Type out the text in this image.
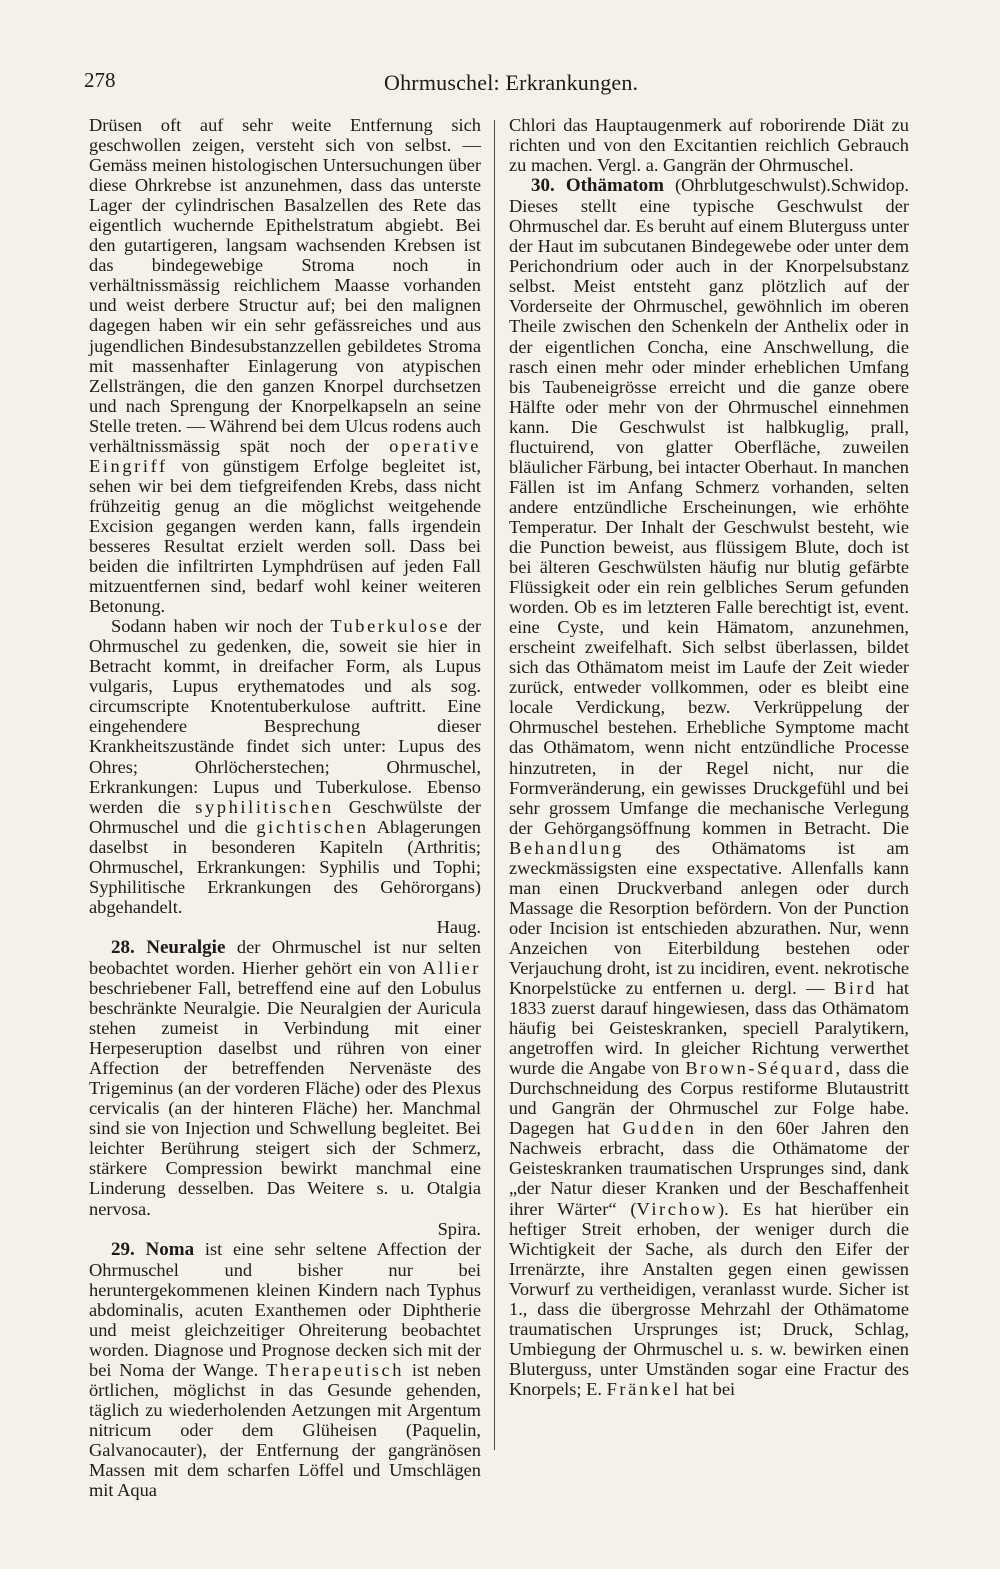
278	Ohrmuschel: Erkrankungen.

Drüsen oft auf sehr weite Entfernung sich geschwollen zeigen, versteht sich von selbst. — Gemäss meinen histologischen Untersuchungen über diese Ohrkrebse ist anzunehmen, dass das unterste Lager der cylindrischen Basalzellen des Rete das eigentlich wuchernde Epithelstratum abgiebt. Bei den gutartigeren, langsam wachsenden Krebsen ist das bindegewebige Stroma noch in verhältnissmässig reichlichem Maasse vorhanden und weist derbere Structur auf; bei den malignen dagegen haben wir ein sehr gefässreiches und aus jugendlichen Bindesubstanzzellen gebildetes Stroma mit massenhafter Einlagerung von atypischen Zellsträngen, die den ganzen Knorpel durchsetzen und nach Sprengung der Knorpelkapseln an seine Stelle treten. — Während bei dem Ulcus rodens auch verhältnissmässig spät noch der operative Eingriff von günstigem Erfolge begleitet ist, sehen wir bei dem tiefgreifenden Krebs, dass nicht frühzeitig genug an die möglichst weitgehende Excision gegangen werden kann, falls irgendein besseres Resultat erzielt werden soll. Dass bei beiden die infiltrirten Lymphdrüsen auf jeden Fall mitzuentfernen sind, bedarf wohl keiner weiteren Betonung.

Sodann haben wir noch der Tuberkulose der Ohrmuschel zu gedenken, die, soweit sie hier in Betracht kommt, in dreifacher Form, als Lupus vulgaris, Lupus erythematodes und als sog. circumscripte Knotentuberkulose auftritt. Eine eingehendere Besprechung dieser Krankheitszustände findet sich unter: Lupus des Ohres; Ohrlöcherstechen; Ohrmuschel, Erkrankungen: Lupus und Tuberkulose. Ebenso werden die syphilitischen Geschwülste der Ohrmuschel und die gichtischen Ablagerungen daselbst in besonderen Kapiteln (Arthritis; Ohrmuschel, Erkrankungen: Syphilis und Tophi; Syphilitische Erkrankungen des Gehörorgans) abgehandelt.

Haug.

28. Neuralgie der Ohrmuschel ist nur selten beobachtet worden. Hierher gehört ein von Allier beschriebener Fall, betreffend eine auf den Lobulus beschränkte Neuralgie. Die Neuralgien der Auricula stehen zumeist in Verbindung mit einer Herpeseruption daselbst und rühren von einer Affection der betreffenden Nervenäste des Trigeminus (an der vorderen Fläche) oder des Plexus cervicalis (an der hinteren Fläche) her. Manchmal sind sie von Injection und Schwellung begleitet. Bei leichter Berührung steigert sich der Schmerz, stärkere Compression bewirkt manchmal eine Linderung desselben. Das Weitere s. u. Otalgia nervosa.

Spira.

29. Noma ist eine sehr seltene Affection der Ohrmuschel und bisher nur bei heruntergekommenen kleinen Kindern nach Typhus abdominalis, acuten Exanthemen oder Diphtherie und meist gleichzeitiger Ohreiterung beobachtet worden. Diagnose und Prognose decken sich mit der bei Noma der Wange. Therapeutisch ist neben örtlichen, möglichst in das Gesunde gehenden, täglich zu wiederholenden Aetzungen mit Argentum nitricum oder dem Glüheisen (Paquelin, Galvanocauter), der Entfernung der gangränösen Massen mit dem scharfen Löffel und Umschlägen mit Aqua

Chlori das Hauptaugenmerk auf roborirende Diät zu richten und von den Excitantien reichlich Gebrauch zu machen. Vergl. a. Gangrän der Ohrmuschel.
Schwidop.

30. Othämatom (Ohrblutgeschwulst). Dieses stellt eine typische Geschwulst der Ohrmuschel dar. Es beruht auf einem Bluterguss unter der Haut im subcutanen Bindegewebe oder unter dem Perichondrium oder auch in der Knorpelsubstanz selbst. Meist entsteht ganz plötzlich auf der Vorderseite der Ohrmuschel, gewöhnlich im oberen Theile zwischen den Schenkeln der Anthelix oder in der eigentlichen Concha, eine Anschwellung, die rasch einen mehr oder minder erheblichen Umfang bis Taubeneigrösse erreicht und die ganze obere Hälfte oder mehr von der Ohrmuschel einnehmen kann. Die Geschwulst ist halbkuglig, prall, fluctuirend, von glatter Oberfläche, zuweilen bläulicher Färbung, bei intacter Oberhaut. In manchen Fällen ist im Anfang Schmerz vorhanden, selten andere entzündliche Erscheinungen, wie erhöhte Temperatur. Der Inhalt der Geschwulst besteht, wie die Punction beweist, aus flüssigem Blute, doch ist bei älteren Geschwülsten häufig nur blutig gefärbte Flüssigkeit oder ein rein gelbliches Serum gefunden worden. Ob es im letzteren Falle berechtigt ist, event. eine Cyste, und kein Hämatom, anzunehmen, erscheint zweifelhaft. Sich selbst überlassen, bildet sich das Othämatom meist im Laufe der Zeit wieder zurück, entweder vollkommen, oder es bleibt eine locale Verdickung, bezw. Verkrüppelung der Ohrmuschel bestehen. Erhebliche Symptome macht das Othämatom, wenn nicht entzündliche Processe hinzutreten, in der Regel nicht, nur die Formveränderung, ein gewisses Druckgefühl und bei sehr grossem Umfange die mechanische Verlegung der Gehörgangsöffnung kommen in Betracht. Die Behandlung des Othämatoms ist am zweckmässigsten eine exspectative. Allenfalls kann man einen Druckverband anlegen oder durch Massage die Resorption befördern. Von der Punction oder Incision ist entschieden abzurathen. Nur, wenn Anzeichen von Eiterbildung bestehen oder Verjauchung droht, ist zu incidiren, event. nekrotische Knorpelstücke zu entfernen u. dergl. — Bird hat 1833 zuerst darauf hingewiesen, dass das Othämatom häufig bei Geisteskranken, speciell Paralytikern, angetroffen wird. In gleicher Richtung verwerthet wurde die Angabe von Brown-Séquard, dass die Durchschneidung des Corpus restiforme Blutaustritt und Gangrän der Ohrmuschel zur Folge habe. Dagegen hat Gudden in den 60er Jahren den Nachweis erbracht, dass die Othämatome der Geisteskranken traumatischen Ursprunges sind, dank „der Natur dieser Kranken und der Beschaffenheit ihrer Wärter“ (Virchow). Es hat hierüber ein heftiger Streit erhoben, der weniger durch die Wichtigkeit der Sache, als durch den Eifer der Irrenärzte, ihre Anstalten gegen einen gewissen Vorwurf zu vertheidigen, veranlasst wurde. Sicher ist 1., dass die übergrosse Mehrzahl der Othämatome traumatischen Ursprunges ist; Druck, Schlag, Umbiegung der Ohrmuschel u. s. w. bewirken einen Bluterguss, unter Umständen sogar eine Fractur des Knorpels; E. Fränkel hat bei
